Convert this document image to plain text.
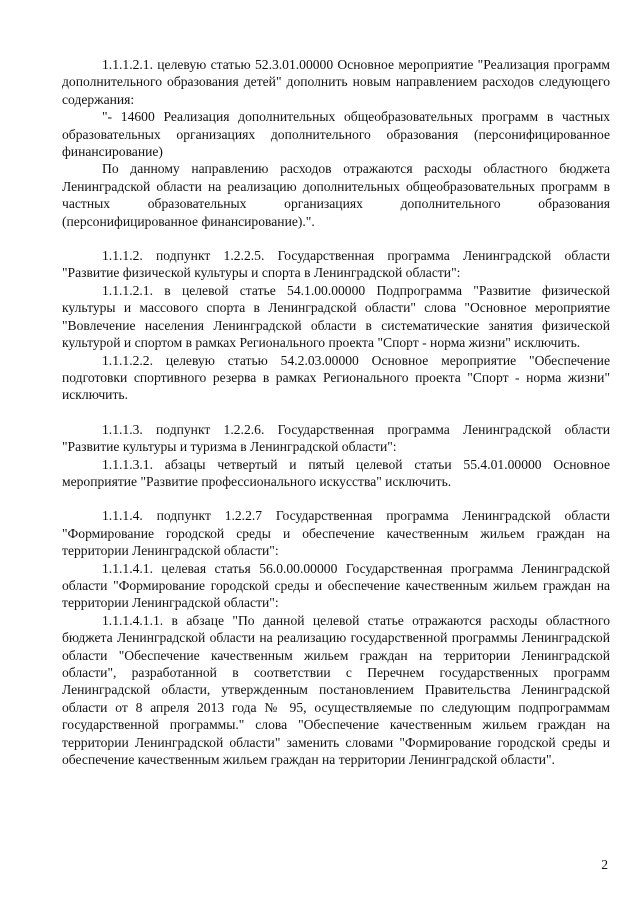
1.1.1.2.1. целевую статью 52.3.01.00000 Основное мероприятие "Реализация программ дополнительного образования детей" дополнить новым направлением расходов следующего содержания:

"- 14600 Реализация дополнительных общеобразовательных программ в частных образовательных организациях дополнительного образования (персонифицированное финансирование)

По данному направлению расходов отражаются расходы областного бюджета Ленинградской области на реализацию дополнительных общеобразовательных программ в частных образовательных организациях дополнительного образования (персонифицированное финансирование).".

1.1.1.2. подпункт 1.2.2.5. Государственная программа Ленинградской области "Развитие физической культуры и спорта в Ленинградской области":

1.1.1.2.1. в целевой статье 54.1.00.00000 Подпрограмма "Развитие физической культуры и массового спорта в Ленинградской области" слова "Основное мероприятие "Вовлечение населения Ленинградской области в систематические занятия физической культурой и спортом в рамках Регионального проекта "Спорт - норма жизни" исключить.

1.1.1.2.2. целевую статью 54.2.03.00000 Основное мероприятие "Обеспечение подготовки спортивного резерва в рамках Регионального проекта "Спорт - норма жизни" исключить.

1.1.1.3. подпункт 1.2.2.6. Государственная программа Ленинградской области "Развитие культуры и туризма в Ленинградской области":

1.1.1.3.1. абзацы четвертый и пятый целевой статьи 55.4.01.00000 Основное мероприятие "Развитие профессионального искусства" исключить.

1.1.1.4. подпункт 1.2.2.7 Государственная программа Ленинградской области "Формирование городской среды и обеспечение качественным жильем граждан на территории Ленинградской области":

1.1.1.4.1. целевая статья 56.0.00.00000 Государственная программа Ленинградской области "Формирование городской среды и обеспечение качественным жильем граждан на территории Ленинградской области":

1.1.1.4.1.1. в абзаце "По данной целевой статье отражаются расходы областного бюджета Ленинградской области на реализацию государственной программы Ленинградской области "Обеспечение качественным жильем граждан на территории Ленинградской области", разработанной в соответствии с Перечнем государственных программ Ленинградской области, утвержденным постановлением Правительства Ленинградской области от 8 апреля 2013 года № 95, осуществляемые по следующим подпрограммам государственной программы." слова "Обеспечение качественным жильем граждан на территории Ленинградской области" заменить словами "Формирование городской среды и обеспечение качественным жильем граждан на территории Ленинградской области".

2
